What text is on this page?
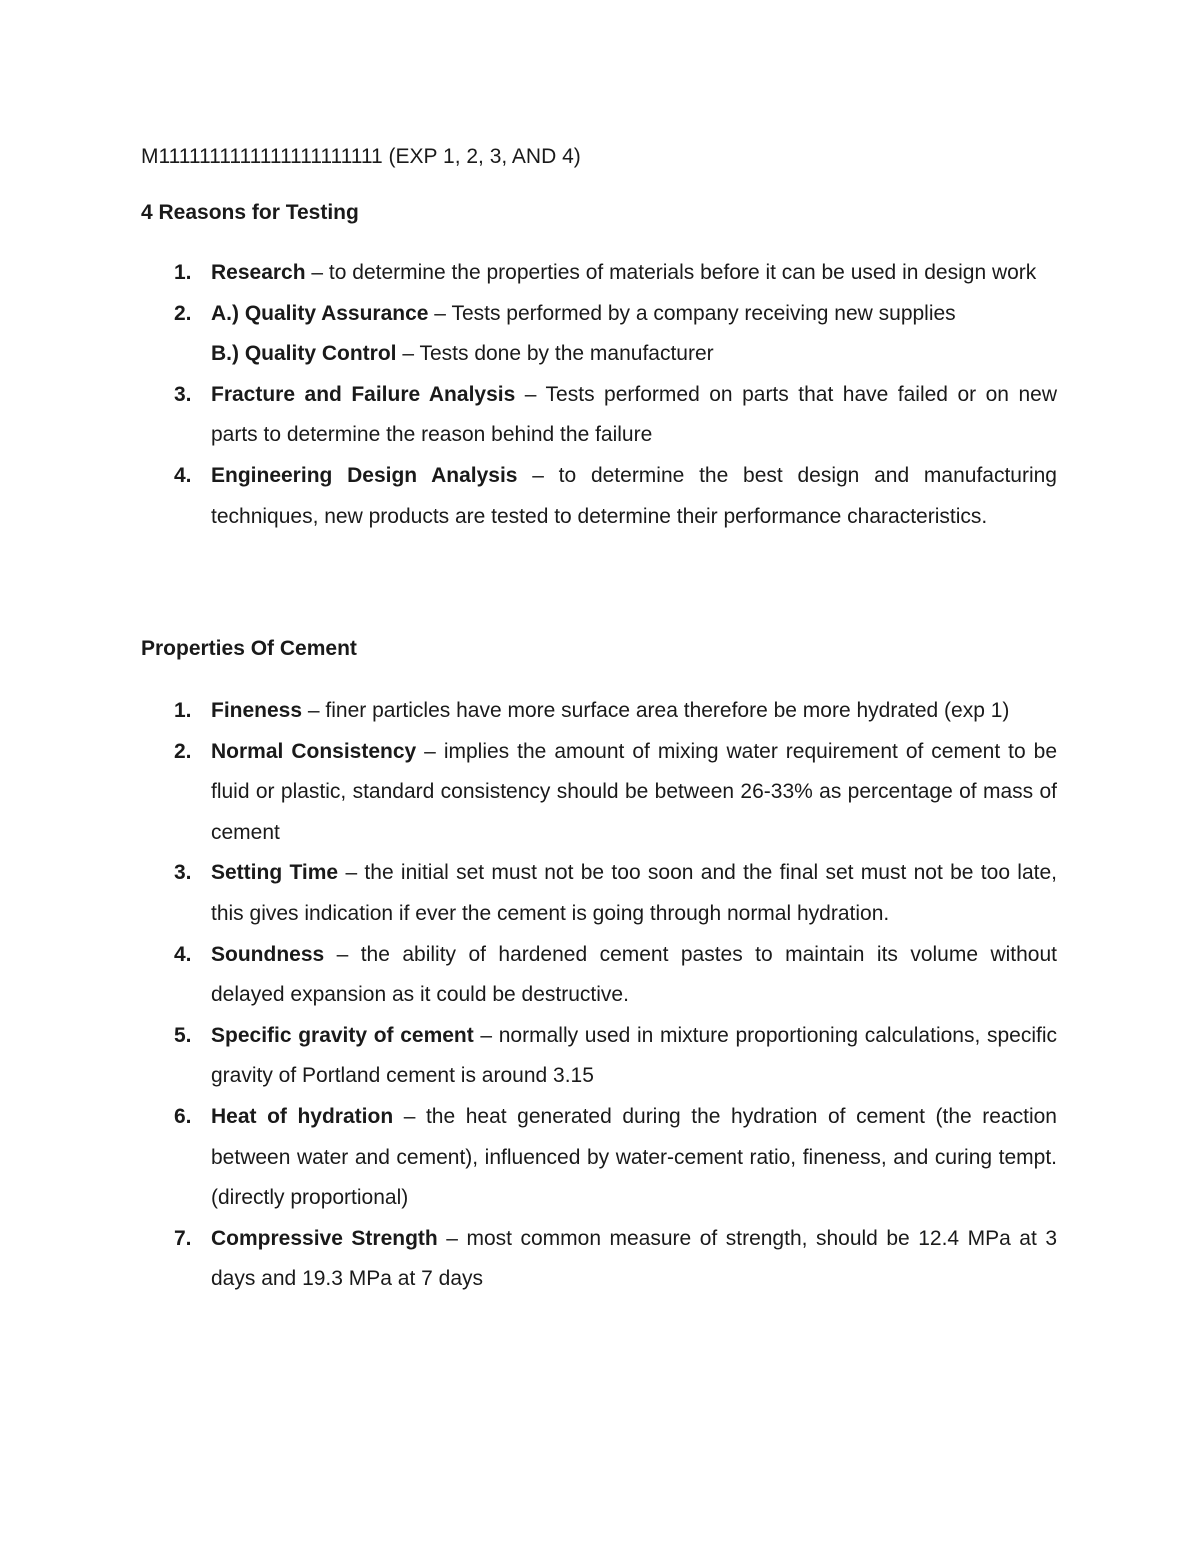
M1111111111111111111111 (EXP 1, 2, 3, AND 4)

4 Reasons for Testing
1. Research – to determine the properties of materials before it can be used in design work
2. A.) Quality Assurance – Tests performed by a company receiving new supplies
B.) Quality Control – Tests done by the manufacturer
3. Fracture and Failure Analysis – Tests performed on parts that have failed or on new parts to determine the reason behind the failure
4. Engineering Design Analysis – to determine the best design and manufacturing techniques, new products are tested to determine their performance characteristics.
Properties Of Cement
1. Fineness – finer particles have more surface area therefore be more hydrated (exp 1)
2. Normal Consistency – implies the amount of mixing water requirement of cement to be fluid or plastic, standard consistency should be between 26-33% as percentage of mass of cement
3. Setting Time – the initial set must not be too soon and the final set must not be too late, this gives indication if ever the cement is going through normal hydration.
4. Soundness – the ability of hardened cement pastes to maintain its volume without delayed expansion as it could be destructive.
5. Specific gravity of cement – normally used in mixture proportioning calculations, specific gravity of Portland cement is around 3.15
6. Heat of hydration – the heat generated during the hydration of cement (the reaction between water and cement), influenced by water-cement ratio, fineness, and curing tempt. (directly proportional)
7. Compressive Strength – most common measure of strength, should be 12.4 MPa at 3 days and 19.3 MPa at 7 days
